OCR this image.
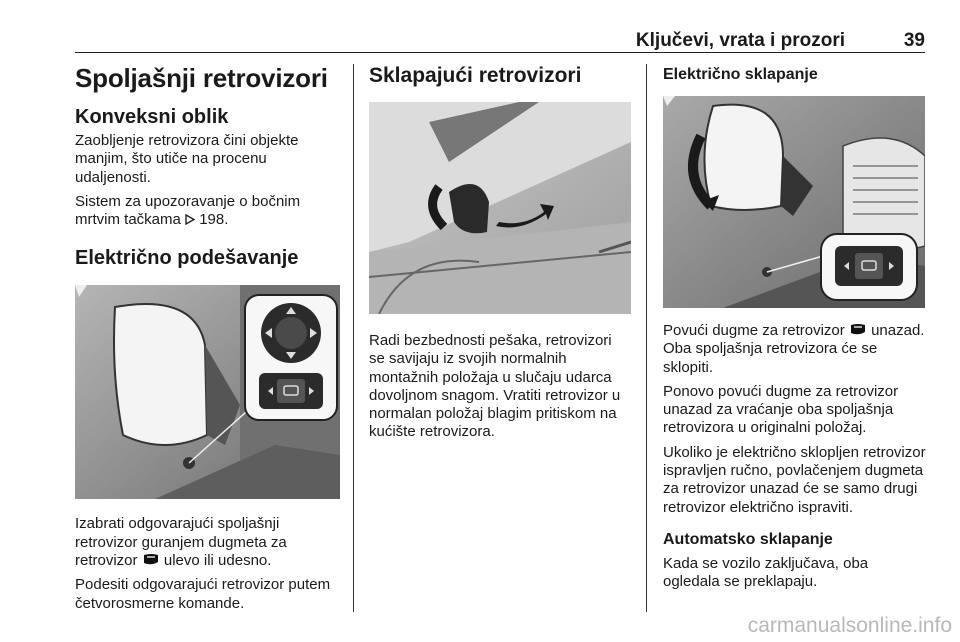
Ključevi, vrata i prozori	39
Spoljašnji retrovizori
Konveksni oblik

Zaobljenje retrovizora čini objekte manjim, što utiče na procenu udaljenosti.

Sistem za upozoravanje o bočnim mrtvim tačkama  198.

Električno podešavanje

Izabrati odgovarajući spoljašnji retrovizor guranjem dugmeta za retrovizor  ulevo ili udesno.

Podesiti odgovarajući retrovizor putem četvorosmerne komande.

Sklapajući retrovizori

Radi bezbednosti pešaka, retrovizori se savijaju iz svojih normalnih montažnih položaja u slučaju udarca dovoljnom snagom. Vratiti retrovizor u normalan položaj blagim pritiskom na kućište retrovizora.

Električno sklapanje

Povući dugme za retrovizor  unazad. Oba spoljašnja retrovizora će se sklopiti.

Ponovo povući dugme za retrovizor unazad za vraćanje oba spoljašnja retrovizora u originalni položaj.

Ukoliko je električno sklopljen retrovizor ispravljen ručno, povlačenjem dugmeta za retrovizor unazad će se samo drugi retrovizor električno ispraviti.

Automatsko sklapanje

Kada se vozilo zaključava, oba ogledala se preklapaju.

carmanualsonline.info
